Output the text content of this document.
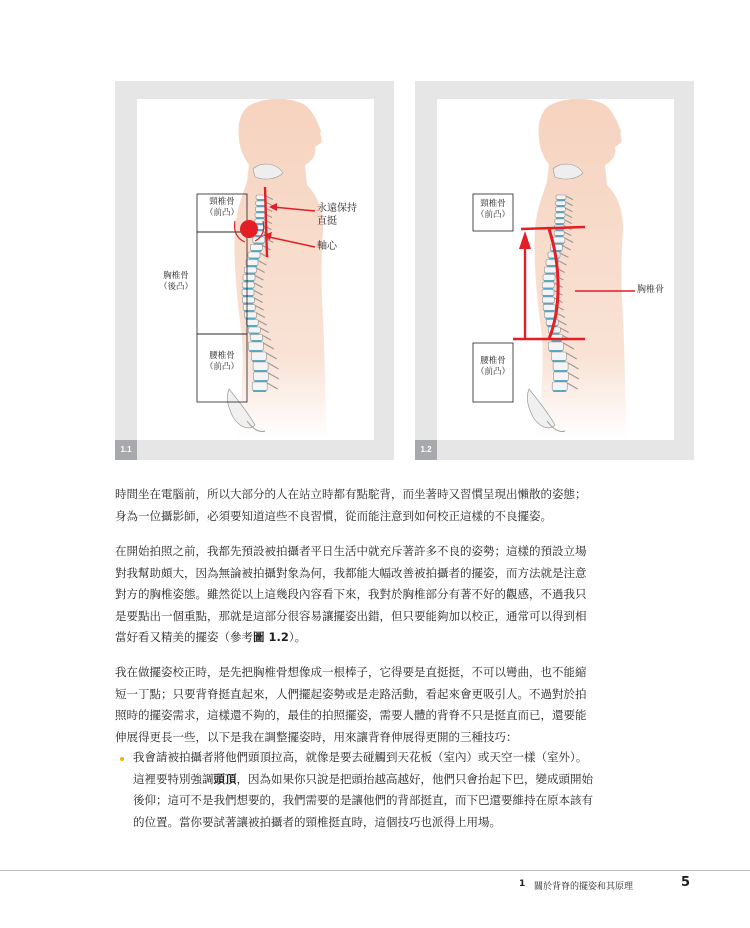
頸椎骨
（前凸）
胸椎骨
（後凸）
腰椎骨
（前凸）
永遠保持
直挺
軸心
1.1
頸椎骨
（前凸）
胸椎骨
腰椎骨
（前凸）
1.2
時間坐在電腦前，所以大部分的人在站立時都有點駝背，而坐著時又習慣呈現出懶散的姿態；
身為一位攝影師，必須要知道這些不良習慣，從而能注意到如何校正這樣的不良擺姿。
在開始拍照之前，我都先預設被拍攝者平日生活中就充斥著許多不良的姿勢；這樣的預設立場
對我幫助頗大，因為無論被拍攝對象為何，我都能大幅改善被拍攝者的擺姿，而方法就是注意
對方的胸椎姿態。雖然從以上這幾段內容看下來，我對於胸椎部分有著不好的觀感，不過我只
是要點出一個重點，那就是這部分很容易讓擺姿出錯，但只要能夠加以校正，通常可以得到相
當好看又精美的擺姿（參考圖 1.2）。
我在做擺姿校正時，是先把胸椎骨想像成一根棒子，它得要是直挺挺，不可以彎曲，也不能縮
短一丁點；只要背脊挺直起來，人們擺起姿勢或是走路活動，看起來會更吸引人。不過對於拍
照時的擺姿需求，這樣還不夠的，最佳的拍照擺姿，需要人體的背脊不只是挺直而已，還要能
伸展得更長一些，以下是我在調整擺姿時，用來讓背脊伸展得更開的三種技巧：
我會請被拍攝者將他們頭頂拉高，就像是要去碰觸到天花板（室內）或天空一樣（室外）。
這裡要特別強調頭頂，因為如果你只說是把頭抬越高越好，他們只會抬起下巴，變成頭開始
後仰；這可不是我們想要的，我們需要的是讓他們的背部挺直，而下巴還要維持在原本該有
的位置。當你要試著讓被拍攝者的頸椎挺直時，這個技巧也派得上用場。
1 關於背脊的擺姿和其原理	5
